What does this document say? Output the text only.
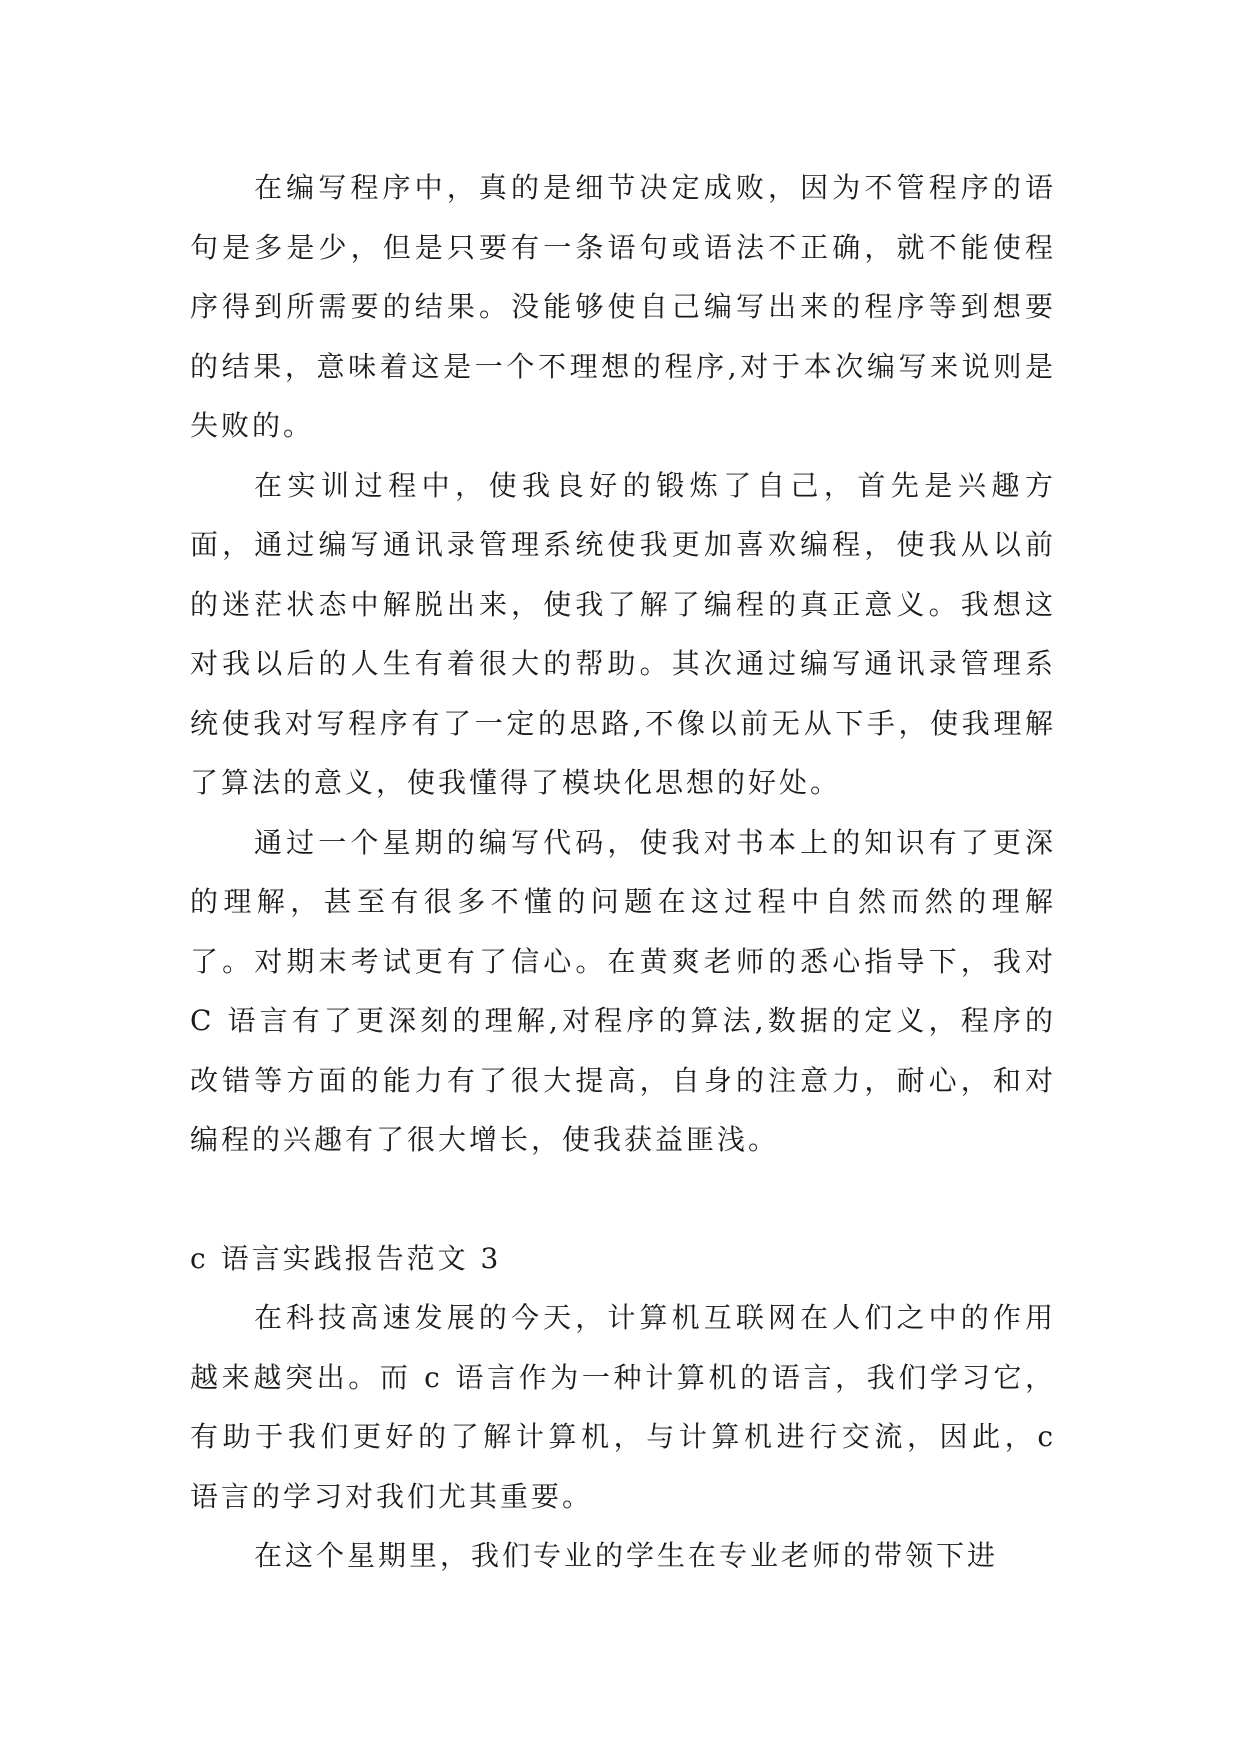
在编写程序中，真的是细节决定成败，因为不管程序的语句是多是少，但是只要有一条语句或语法不正确，就不能使程序得到所需要的结果。没能够使自己编写出来的程序等到想要的结果，意味着这是一个不理想的程序,对于本次编写来说则是失败的。

在实训过程中，使我良好的锻炼了自己，首先是兴趣方面，通过编写通讯录管理系统使我更加喜欢编程，使我从以前的迷茫状态中解脱出来，使我了解了编程的真正意义。我想这对我以后的人生有着很大的帮助。其次通过编写通讯录管理系统使我对写程序有了一定的思路,不像以前无从下手，使我理解了算法的意义，使我懂得了模块化思想的好处。

通过一个星期的编写代码，使我对书本上的知识有了更深的理解，甚至有很多不懂的问题在这过程中自然而然的理解了。对期末考试更有了信心。在黄爽老师的悉心指导下，我对 C 语言有了更深刻的理解,对程序的算法,数据的定义，程序的改错等方面的能力有了很大提高，自身的注意力，耐心，和对编程的兴趣有了很大增长，使我获益匪浅。

c 语言实践报告范文 3

在科技高速发展的今天，计算机互联网在人们之中的作用越来越突出。而 c 语言作为一种计算机的语言，我们学习它，有助于我们更好的了解计算机，与计算机进行交流，因此，c 语言的学习对我们尤其重要。

在这个星期里，我们专业的学生在专业老师的带领下进
